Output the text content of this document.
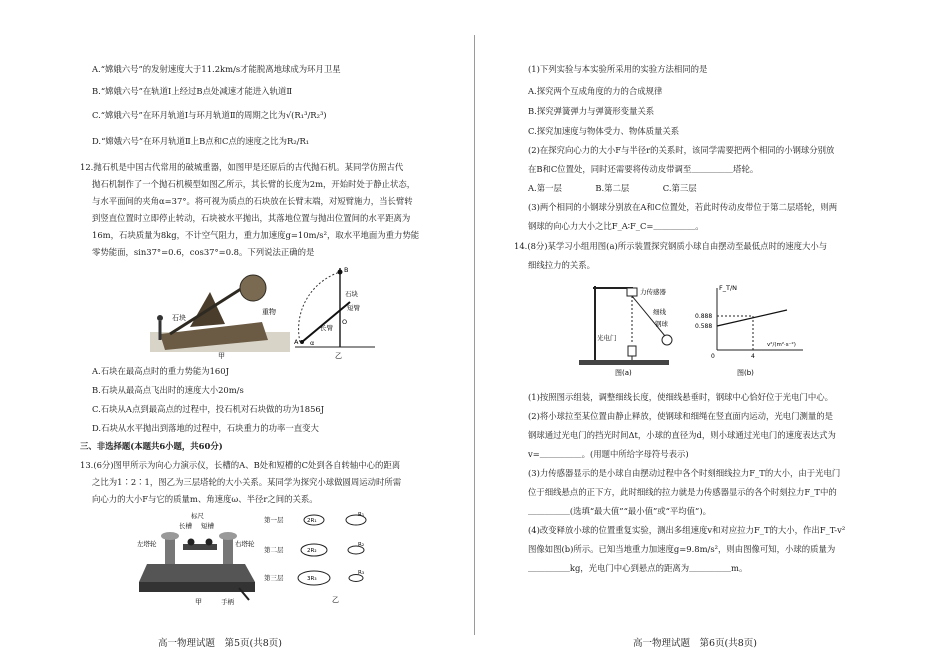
A.“嫦娥六号”的发射速度大于11.2km/s才能脱离地球成为环月卫星
B.“嫦娥六号”在轨道Ⅰ上经过B点处减速才能进入轨道Ⅱ
C.“嫦娥六号”在环月轨道Ⅰ与环月轨道Ⅱ的周期之比为√(R₁³/R₂³)
D.“嫦娥六号”在环月轨道Ⅱ上B点和C点的速度之比为R₂/R₁
12.抛石机是中国古代常用的破城重器，如图甲是还原后的古代抛石机。某同学仿照古代
抛石机制作了一个抛石机模型如图乙所示，其长臂的长度为2m，开始时处于静止状态，
与水平面间的夹角α=37°。将可视为质点的石块放在长臂末端，对短臂施力，当长臂转
到竖直位置时立即停止转动，石块被水平抛出，其落地位置与抛出位置间的水平距离为
16m，石块质量为8kg，不计空气阻力，重力加速度g=10m/s²，取水平地面为重力势能
零势能面，sin37°=0.6，cos37°=0.8。下列说法正确的是
A.石块在最高点时的重力势能为160J
B.石块从最高点飞出时的速度大小20m/s
C.石块从A点到最高点的过程中，投石机对石块做的功为1856J
D.石块从水平抛出到落地的过程中，石块重力的功率一直变大
三、非选择题(本题共6小题，共60分)
13.(6分)图甲所示为向心力演示仪，长槽的A、B处和短槽的C处到各自转轴中心的距离
之比为1∶2∶1，图乙为三层塔轮的大小关系。某同学为探究小球做圆周运动时所需
向心力的大小F与它的质量m、角速度ω、半径r之间的关系。
石块
重物
甲
石块
短臂
长臂
A
B
O
α
乙
左塔轮	右塔轮
标尺
长槽 短槽
手柄
甲
第一层
第二层
第三层
R₁
R₂
R₃
2R₁
2R₂
3R₃
乙
高一物理试题　第5页(共8页)
(1)下列实验与本实验所采用的实验方法相同的是
A.探究两个互成角度的力的合成规律
B.探究弹簧弹力与弹簧形变量关系
C.探究加速度与物体受力、物体质量关系
(2)在探究向心力的大小F与半径r的关系时，该同学需要把两个相同的小钢球分别放
在B和C位置处，同时还需要将传动皮带调至＿＿＿＿＿塔轮。
A.第一层　　　　B.第二层　　　　C.第三层
(3)两个相同的小钢球分别放在A和C位置处，若此时传动皮带位于第二层塔轮，则两
钢球的向心力大小之比F_A∶F_C=＿＿＿＿＿。
14.(8分)某学习小组用图(a)所示装置探究钢质小球自由摆动至最低点时的速度大小与
细线拉力的关系。
(1)按照图示组装，调整细线长度，使细线悬垂时，钢球中心恰好位于光电门中心。
(2)将小球拉至某位置由静止释放，使钢球和细绳在竖直面内运动，光电门测量的是
钢球通过光电门的挡光时间Δt，小球的直径为d，则小球通过光电门的速度表达式为
v=＿＿＿＿＿。(用题中所给字母符号表示)
(3)力传感器显示的是小球自由摆动过程中各个时刻细线拉力F_T的大小，由于光电门
位于细线悬点的正下方，此时细线的拉力就是力传感器显示的各个时刻拉力F_T中的
＿＿＿＿＿(选填“最大值”“最小值”或“平均值”)。
(4)改变释放小球的位置重复实验，测出多组速度v和对应拉力F_T的大小，作出F_T-v²
图像如图(b)所示。已知当地重力加速度g=9.8m/s²，则由图像可知，小球的质量为
＿＿＿＿＿kg，光电门中心到悬点的距离为＿＿＿＿＿m。
力传感器
细线
钢球
光电门
图(a)
F_T/N
v²/(m²·s⁻²)
0.888
0.588
0	4
图(b)
高一物理试题　第6页(共8页)
